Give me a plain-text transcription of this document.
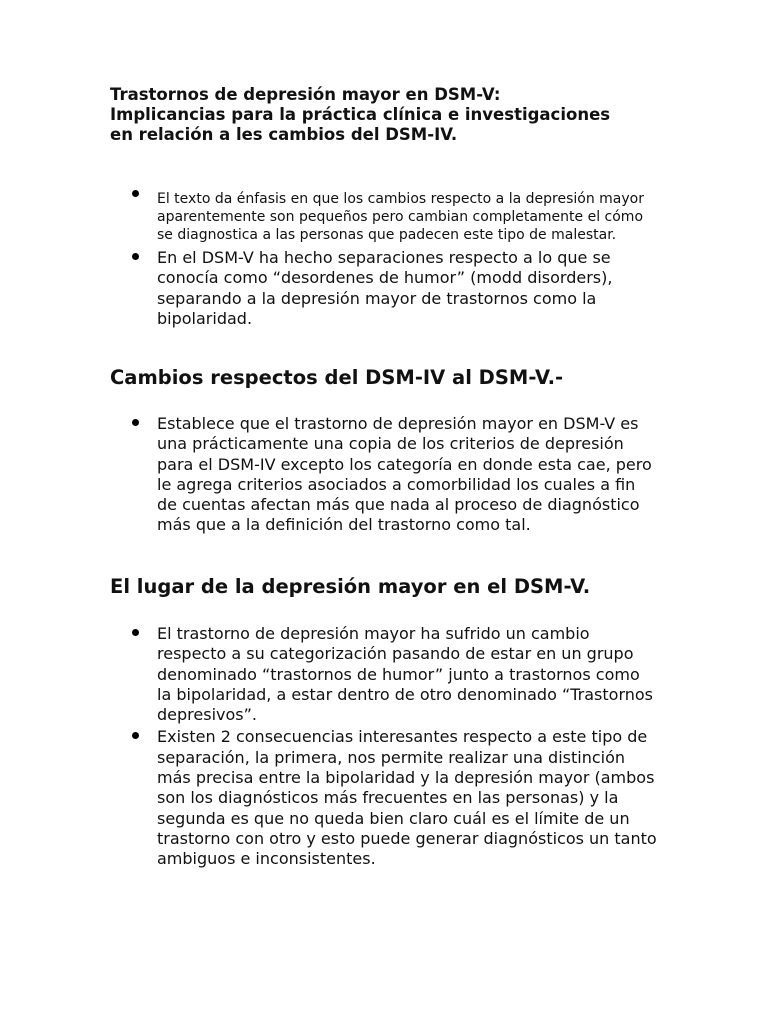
Trastornos de depresión mayor en DSM-V:
Implicancias para la práctica clínica e investigaciones
en relación a les cambios del DSM-IV.
El texto da énfasis en que los cambios respecto a la depresión mayor aparentemente son pequeños pero cambian completamente el cómo se diagnostica a las personas que padecen este tipo de malestar.
En el DSM-V ha hecho separaciones respecto a lo que se conocía como “desordenes de humor” (modd disorders), separando a la depresión mayor de trastornos como la bipolaridad.
Cambios respectos del DSM-IV al DSM-V.-
Establece que el trastorno de depresión mayor en DSM-V es una prácticamente una copia de los criterios de depresión para el DSM-IV excepto los categoría en donde esta cae, pero le agrega criterios asociados a comorbilidad los cuales a fin de cuentas afectan más que nada al proceso de diagnóstico más que a la definición del trastorno como tal.
El lugar de la depresión mayor en el DSM-V.
El trastorno de depresión mayor ha sufrido un cambio respecto a su categorización pasando de estar en un grupo denominado “trastornos de humor” junto a trastornos como la bipolaridad, a estar dentro de otro denominado “Trastornos depresivos”.
Existen 2 consecuencias interesantes respecto a este tipo de separación, la primera, nos permite realizar una distinción más precisa entre la bipolaridad y la depresión mayor (ambos son los diagnósticos más frecuentes en las personas) y la segunda es que no queda bien claro cuál es el límite de un trastorno con otro y esto puede generar diagnósticos un tanto ambiguos e inconsistentes.
